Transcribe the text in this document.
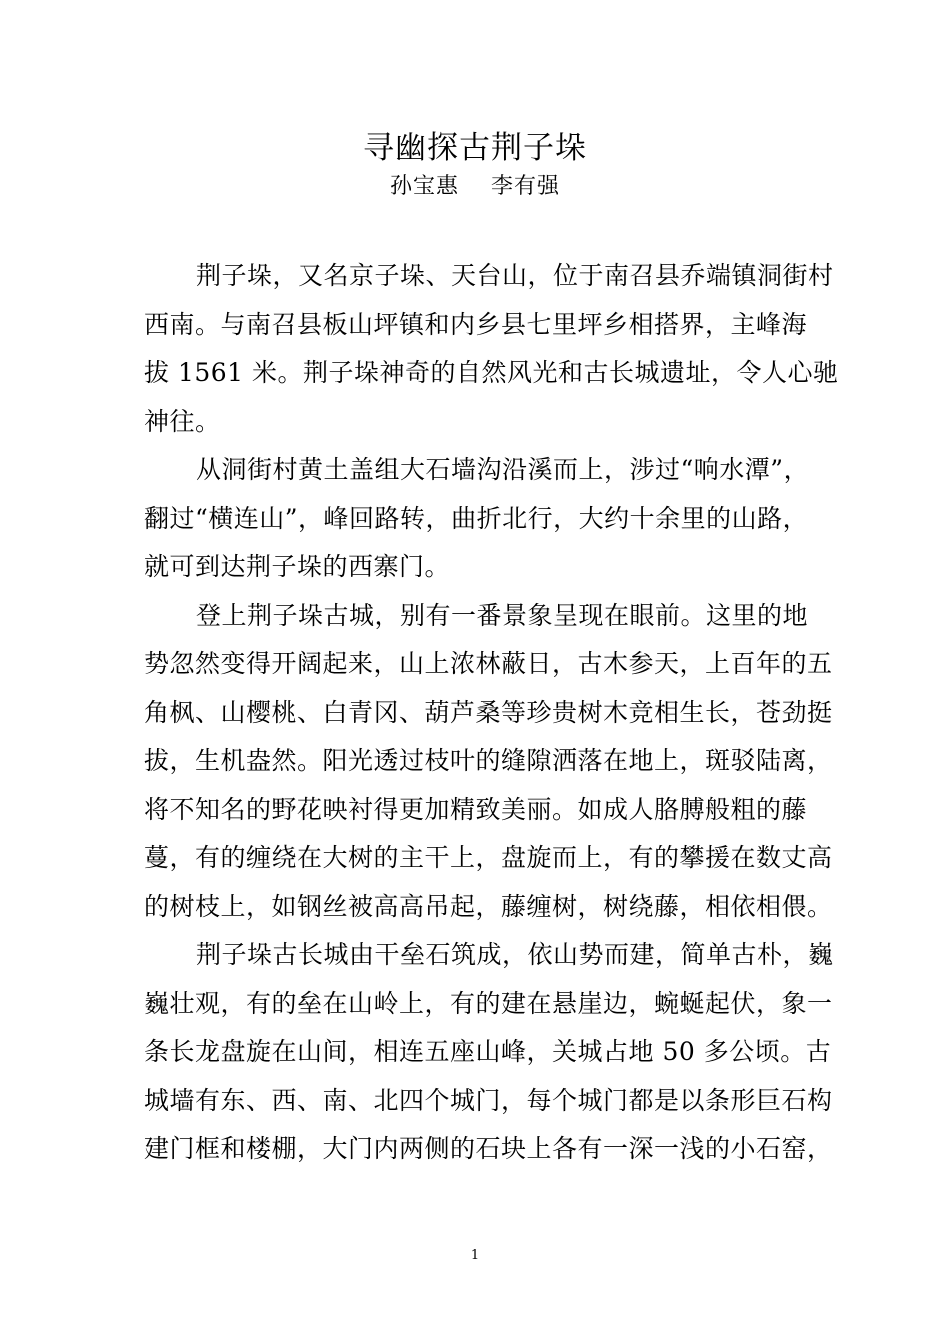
寻幽探古荆子垛
孙宝惠    李有强

荆子垛，又名京子垛、天台山，位于南召县乔端镇洞街村
西南。与南召县板山坪镇和内乡县七里坪乡相搭界，主峰海
拔 1561 米。荆子垛神奇的自然风光和古长城遗址，令人心驰
神往。

从洞街村黄土盖组大石墙沟沿溪而上，涉过“响水潭”，
翻过“横连山”，峰回路转，曲折北行，大约十余里的山路，
就可到达荆子垛的西寨门。

登上荆子垛古城，别有一番景象呈现在眼前。这里的地
势忽然变得开阔起来，山上浓林蔽日，古木参天，上百年的五
角枫、山樱桃、白青冈、葫芦桑等珍贵树木竞相生长，苍劲挺
拔，生机盎然。阳光透过枝叶的缝隙洒落在地上，斑驳陆离，
将不知名的野花映衬得更加精致美丽。如成人胳膊般粗的藤
蔓，有的缠绕在大树的主干上，盘旋而上，有的攀援在数丈高
的树枝上，如钢丝被高高吊起，藤缠树，树绕藤，相依相偎。

荆子垛古长城由干垒石筑成，依山势而建，简单古朴，巍
巍壮观，有的垒在山岭上，有的建在悬崖边，蜿蜒起伏，象一
条长龙盘旋在山间，相连五座山峰，关城占地 50 多公顷。古
城墙有东、西、南、北四个城门，每个城门都是以条形巨石构
建门框和楼棚，大门内两侧的石块上各有一深一浅的小石窑，

1
